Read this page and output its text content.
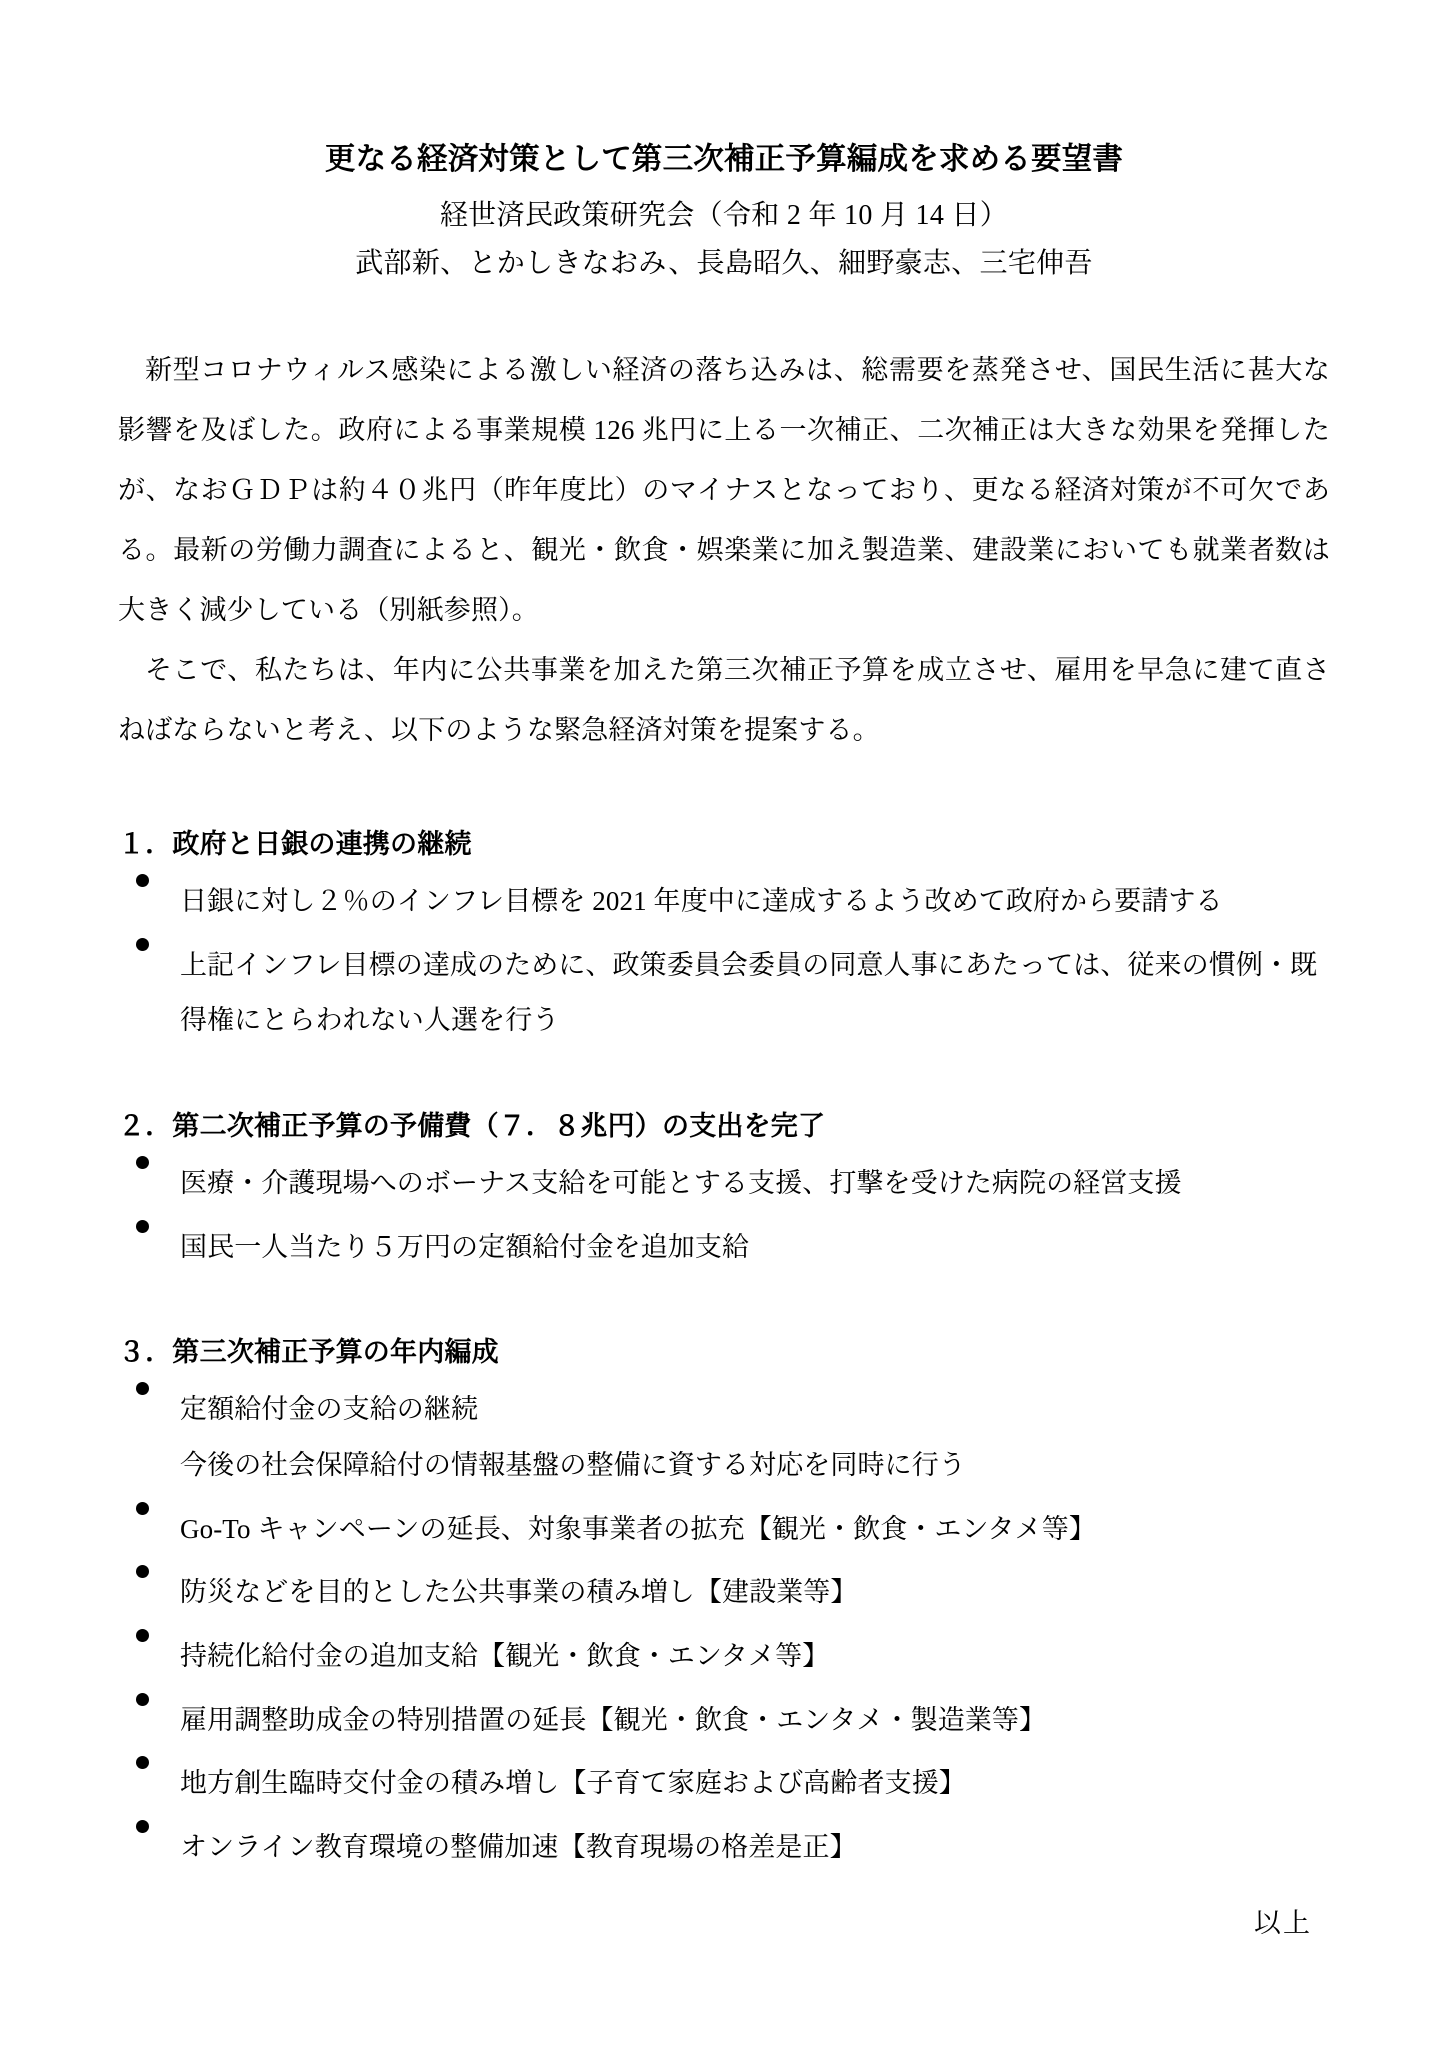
更なる経済対策として第三次補正予算編成を求める要望書
経世済民政策研究会（令和 2 年 10 月 14 日）
武部新、とかしきなおみ、長島昭久、細野豪志、三宅伸吾

新型コロナウィルス感染による激しい経済の落ち込みは、総需要を蒸発させ、国民生活に甚大な影響を及ぼした。政府による事業規模 126 兆円に上る一次補正、二次補正は大きな効果を発揮したが、なおＧＤＰは約４０兆円（昨年度比）のマイナスとなっており、更なる経済対策が不可欠である。最新の労働力調査によると、観光・飲食・娯楽業に加え製造業、建設業においても就業者数は大きく減少している（別紙参照）。

そこで、私たちは、年内に公共事業を加えた第三次補正予算を成立させ、雇用を早急に建て直さねばならないと考え、以下のような緊急経済対策を提案する。

１．政府と日銀の連携の継続
日銀に対し２％のインフレ目標を 2021 年度中に達成するよう改めて政府から要請する
上記インフレ目標の達成のために、政策委員会委員の同意人事にあたっては、従来の慣例・既得権にとらわれない人選を行う
２．第二次補正予算の予備費（７．８兆円）の支出を完了
医療・介護現場へのボーナス支給を可能とする支援、打撃を受けた病院の経営支援
国民一人当たり５万円の定額給付金を追加支給
３．第三次補正予算の年内編成
定額給付金の支給の継続
今後の社会保障給付の情報基盤の整備に資する対応を同時に行う
Go-To キャンペーンの延長、対象事業者の拡充【観光・飲食・エンタメ等】
防災などを目的とした公共事業の積み増し【建設業等】
持続化給付金の追加支給【観光・飲食・エンタメ等】
雇用調整助成金の特別措置の延長【観光・飲食・エンタメ・製造業等】
地方創生臨時交付金の積み増し【子育て家庭および高齢者支援】
オンライン教育環境の整備加速【教育現場の格差是正】
以上
